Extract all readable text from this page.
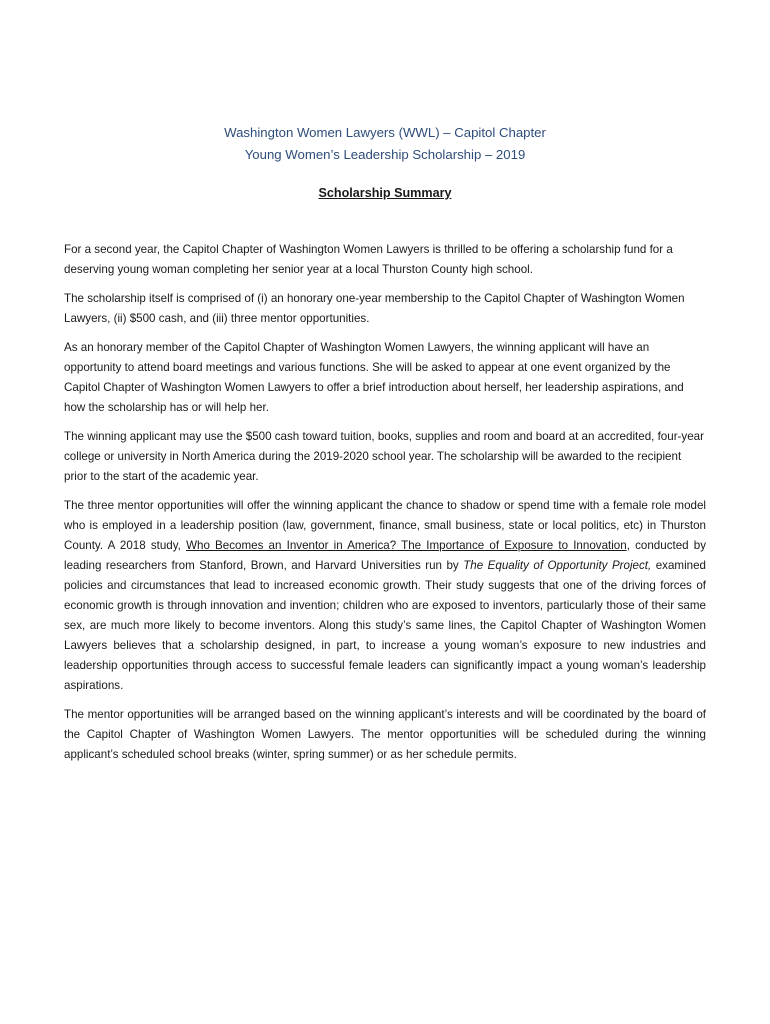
Washington Women Lawyers (WWL) – Capitol Chapter
Young Women’s Leadership Scholarship – 2019
Scholarship Summary

For a second year, the Capitol Chapter of Washington Women Lawyers is thrilled to be offering a scholarship fund for a deserving young woman completing her senior year at a local Thurston County high school.

The scholarship itself is comprised of (i) an honorary one-year membership to the Capitol Chapter of Washington Women Lawyers, (ii) $500 cash, and (iii) three mentor opportunities.

As an honorary member of the Capitol Chapter of Washington Women Lawyers, the winning applicant will have an opportunity to attend board meetings and various functions. She will be asked to appear at one event organized by the Capitol Chapter of Washington Women Lawyers to offer a brief introduction about herself, her leadership aspirations, and how the scholarship has or will help her.

The winning applicant may use the $500 cash toward tuition, books, supplies and room and board at an accredited, four-year college or university in North America during the 2019-2020 school year. The scholarship will be awarded to the recipient prior to the start of the academic year.

The three mentor opportunities will offer the winning applicant the chance to shadow or spend time with a female role model who is employed in a leadership position (law, government, finance, small business, state or local politics, etc) in Thurston County. A 2018 study, Who Becomes an Inventor in America? The Importance of Exposure to Innovation, conducted by leading researchers from Stanford, Brown, and Harvard Universities run by The Equality of Opportunity Project, examined policies and circumstances that lead to increased economic growth. Their study suggests that one of the driving forces of economic growth is through innovation and invention; children who are exposed to inventors, particularly those of their same sex, are much more likely to become inventors. Along this study’s same lines, the Capitol Chapter of Washington Women Lawyers believes that a scholarship designed, in part, to increase a young woman’s exposure to new industries and leadership opportunities through access to successful female leaders can significantly impact a young woman’s leadership aspirations.

The mentor opportunities will be arranged based on the winning applicant’s interests and will be coordinated by the board of the Capitol Chapter of Washington Women Lawyers. The mentor opportunities will be scheduled during the winning applicant’s scheduled school breaks (winter, spring summer) or as her schedule permits.
